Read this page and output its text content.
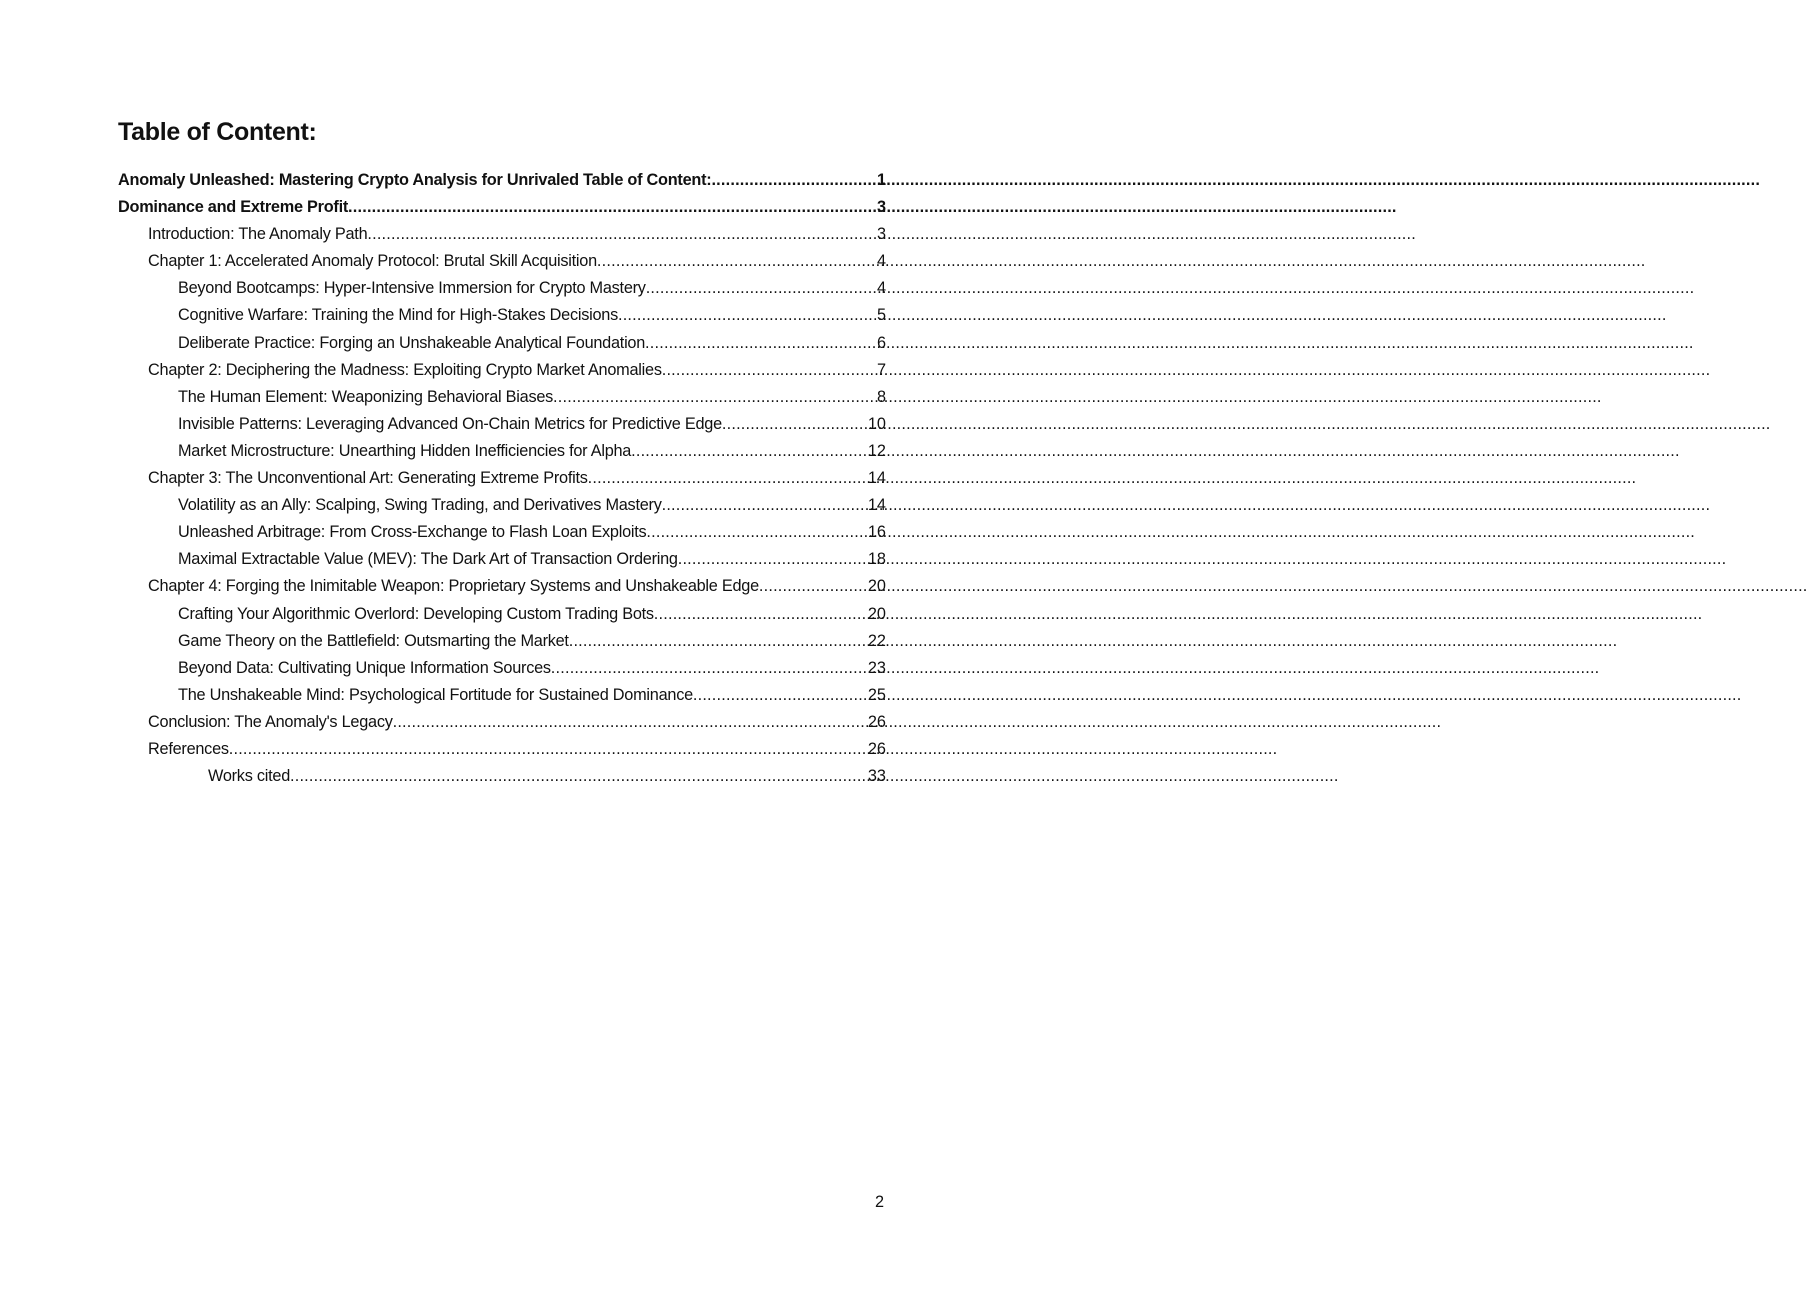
Table of Content:
Anomaly Unleashed: Mastering Crypto Analysis for Unrivaled Table of Content: .....	1
Dominance and Extreme Profit .....	3
Introduction: The Anomaly Path .....	3
Chapter 1: Accelerated Anomaly Protocol: Brutal Skill Acquisition .....	4
Beyond Bootcamps: Hyper-Intensive Immersion for Crypto Mastery .....	4
Cognitive Warfare: Training the Mind for High-Stakes Decisions .....	5
Deliberate Practice: Forging an Unshakeable Analytical Foundation .....	6
Chapter 2: Deciphering the Madness: Exploiting Crypto Market Anomalies .....	7
The Human Element: Weaponizing Behavioral Biases .....	8
Invisible Patterns: Leveraging Advanced On-Chain Metrics for Predictive Edge .....	10
Market Microstructure: Unearthing Hidden Inefficiencies for Alpha .....	12
Chapter 3: The Unconventional Art: Generating Extreme Profits .....	14
Volatility as an Ally: Scalping, Swing Trading, and Derivatives Mastery .....	14
Unleashed Arbitrage: From Cross-Exchange to Flash Loan Exploits .....	16
Maximal Extractable Value (MEV): The Dark Art of Transaction Ordering .....	18
Chapter 4: Forging the Inimitable Weapon: Proprietary Systems and Unshakeable Edge .....	20
Crafting Your Algorithmic Overlord: Developing Custom Trading Bots .....	20
Game Theory on the Battlefield: Outsmarting the Market .....	22
Beyond Data: Cultivating Unique Information Sources .....	23
The Unshakeable Mind: Psychological Fortitude for Sustained Dominance .....	25
Conclusion: The Anomaly's Legacy .....	26
References .....	26
Works cited .....	33
2
